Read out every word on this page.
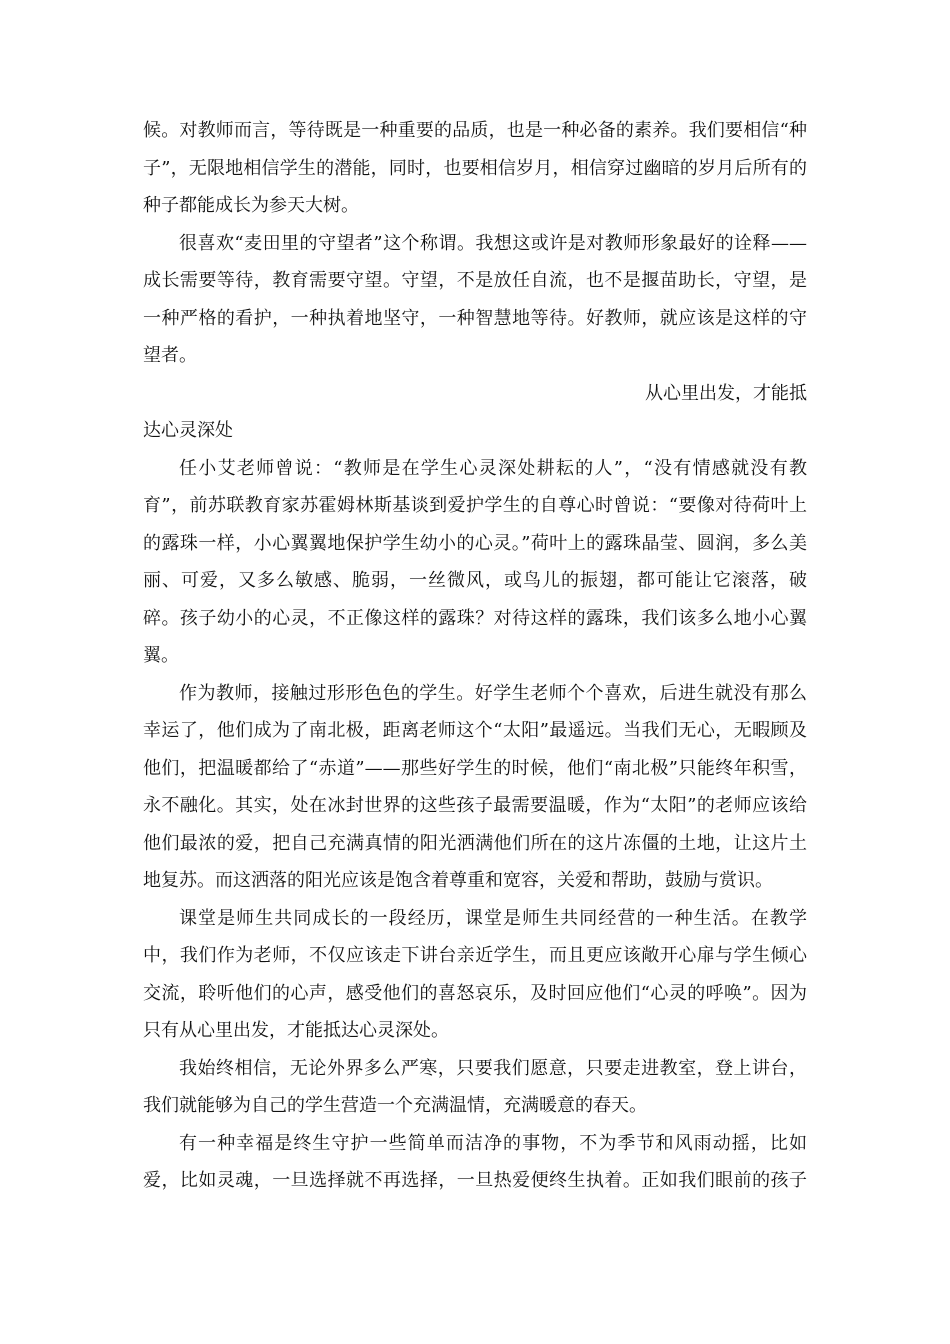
候。对教师而言，等待既是一种重要的品质，也是一种必备的素养。我们要相信“种子”，无限地相信学生的潜能，同时，也要相信岁月，相信穿过幽暗的岁月后所有的种子都能成长为参天大树。

很喜欢“麦田里的守望者”这个称谓。我想这或许是对教师形象最好的诠释——成长需要等待，教育需要守望。守望，不是放任自流，也不是揠苗助长，守望，是一种严格的看护，一种执着地坚守，一种智慧地等待。好教师，就应该是这样的守望者。

从心里出发，才能抵

达心灵深处

任小艾老师曾说：“教师是在学生心灵深处耕耘的人”，“没有情感就没有教育”，前苏联教育家苏霍姆林斯基谈到爱护学生的自尊心时曾说：“要像对待荷叶上的露珠一样，小心翼翼地保护学生幼小的心灵。”荷叶上的露珠晶莹、圆润，多么美丽、可爱，又多么敏感、脆弱，一丝微风，或鸟儿的振翅，都可能让它滚落，破碎。孩子幼小的心灵，不正像这样的露珠？对待这样的露珠，我们该多么地小心翼翼。

作为教师，接触过形形色色的学生。好学生老师个个喜欢，后进生就没有那么幸运了，他们成为了南北极，距离老师这个“太阳”最遥远。当我们无心，无暇顾及他们，把温暖都给了“赤道”——那些好学生的时候，他们“南北极”只能终年积雪，永不融化。其实，处在冰封世界的这些孩子最需要温暖，作为“太阳”的老师应该给他们最浓的爱，把自己充满真情的阳光洒满他们所在的这片冻僵的土地，让这片土地复苏。而这洒落的阳光应该是饱含着尊重和宽容，关爱和帮助，鼓励与赏识。

课堂是师生共同成长的一段经历，课堂是师生共同经营的一种生活。在教学中，我们作为老师，不仅应该走下讲台亲近学生，而且更应该敞开心扉与学生倾心交流，聆听他们的心声，感受他们的喜怒哀乐，及时回应他们“心灵的呼唤”。因为只有从心里出发，才能抵达心灵深处。

我始终相信，无论外界多么严寒，只要我们愿意，只要走进教室，登上讲台，我们就能够为自己的学生营造一个充满温情，充满暖意的春天。

有一种幸福是终生守护一些简单而洁净的事物，不为季节和风雨动摇，比如爱，比如灵魂，一旦选择就不再选择，一旦热爱便终生执着。正如我们眼前的孩子
